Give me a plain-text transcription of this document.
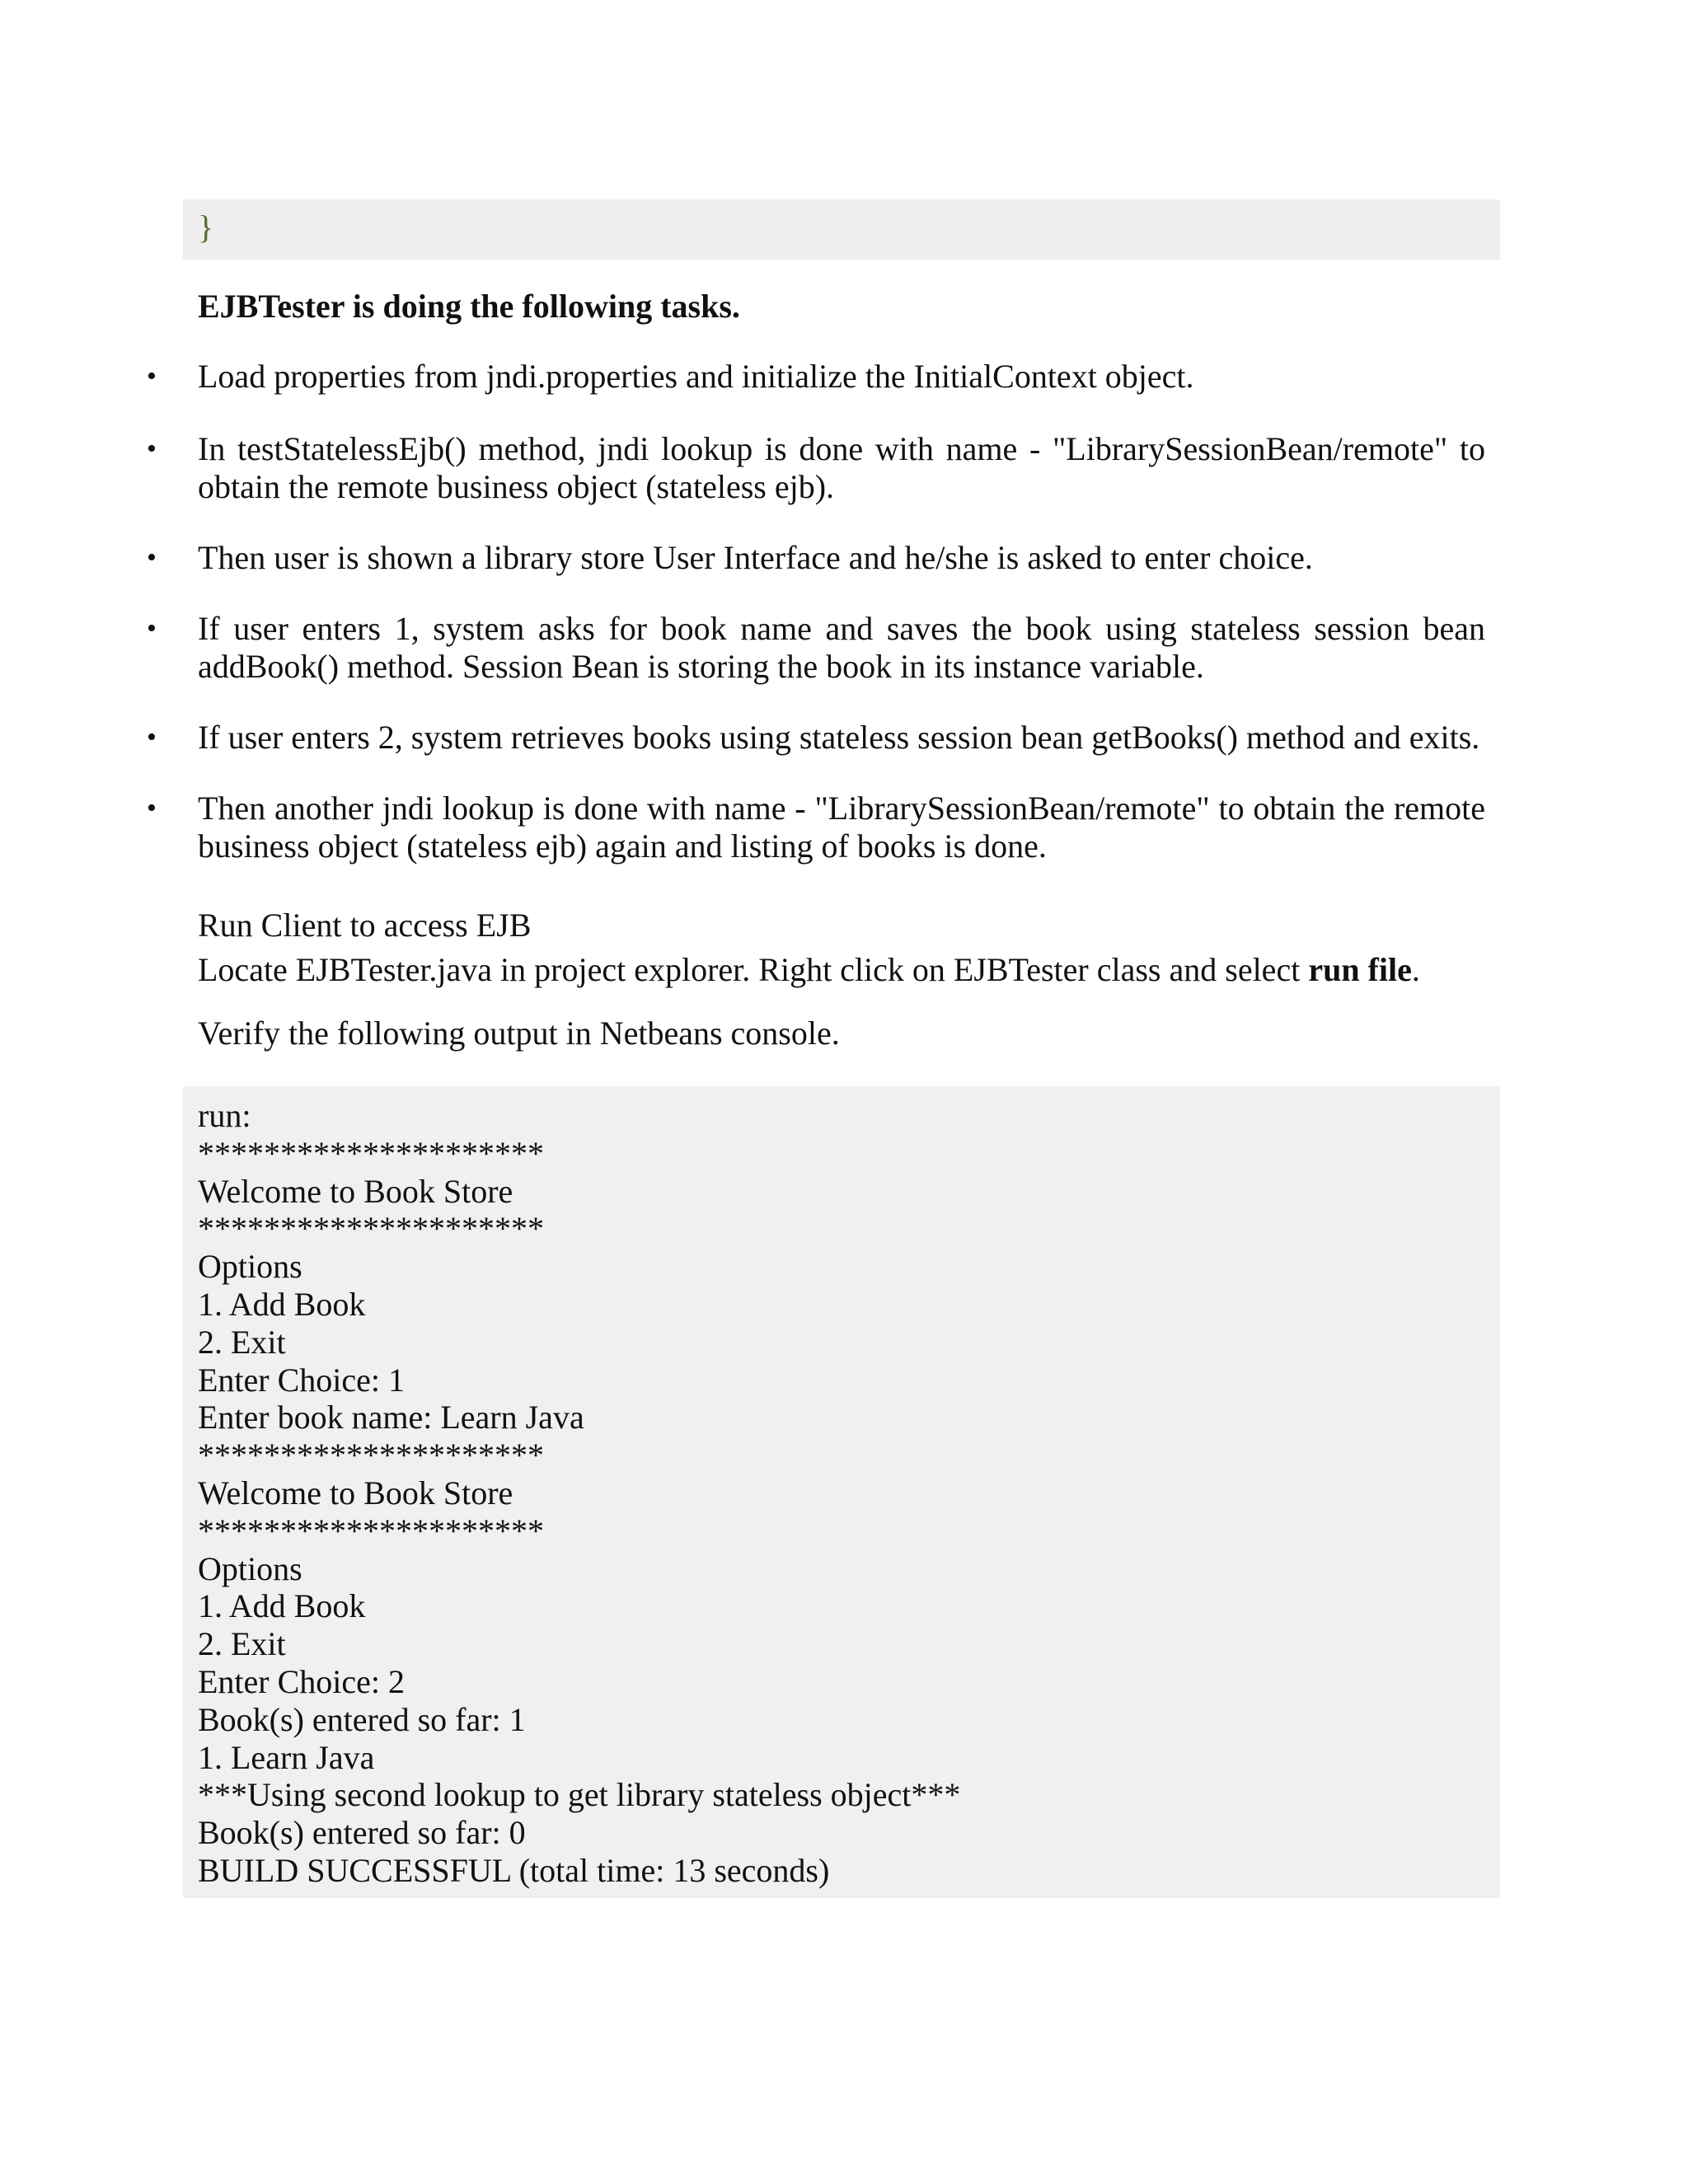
}

EJBTester is doing the following tasks.

• Load properties from jndi.properties and initialize the InitialContext object.
• In testStatelessEjb() method, jndi lookup is done with name - "LibrarySessionBean/remote" to obtain the remote business object (stateless ejb).
• Then user is shown a library store User Interface and he/she is asked to enter choice.
• If user enters 1, system asks for book name and saves the book using stateless session bean addBook() method. Session Bean is storing the book in its instance variable.
• If user enters 2, system retrieves books using stateless session bean getBooks() method and exits.
• Then another jndi lookup is done with name - "LibrarySessionBean/remote" to obtain the remote business object (stateless ejb) again and listing of books is done.

Run Client to access EJB

Locate EJBTester.java in project explorer. Right click on EJBTester class and select run file.

Verify the following output in Netbeans console.

run:
*********************
Welcome to Book Store
*********************
Options
1. Add Book
2. Exit
Enter Choice: 1
Enter book name: Learn Java
*********************
Welcome to Book Store
*********************
Options
1. Add Book
2. Exit
Enter Choice: 2
Book(s) entered so far: 1
1. Learn Java
***Using second lookup to get library stateless object***
Book(s) entered so far: 0
BUILD SUCCESSFUL (total time: 13 seconds)
